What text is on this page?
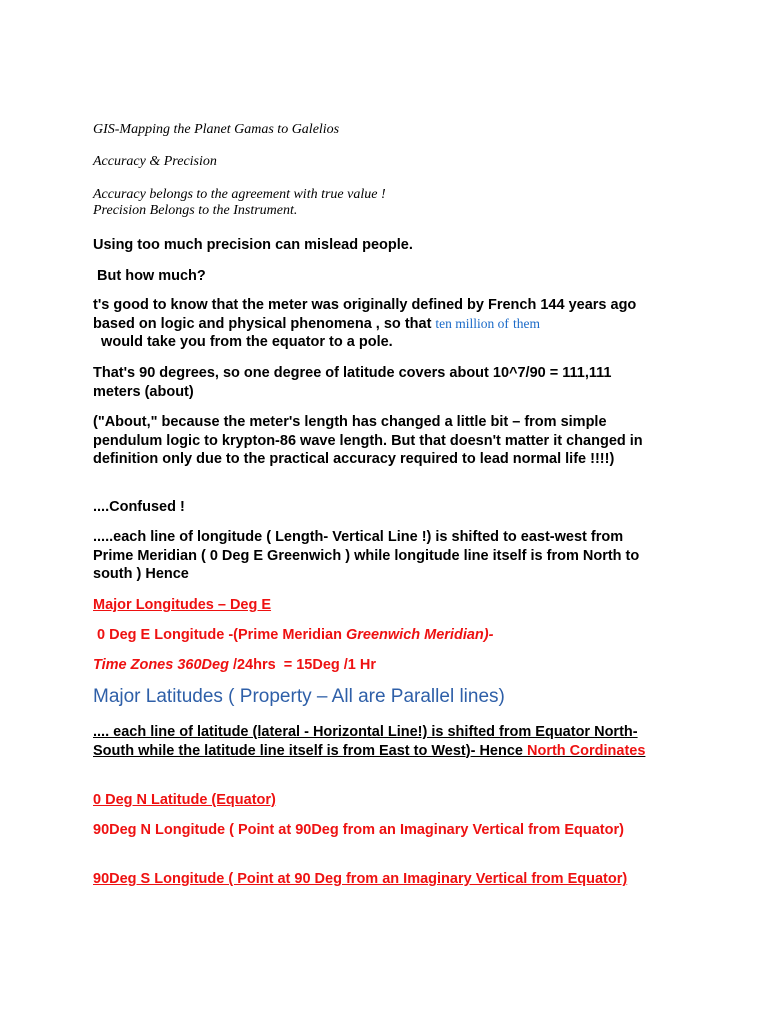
GIS-Mapping the Planet Gamas to Galelios

Accuracy & Precision

Accuracy belongs to the agreement with true value !
Precision Belongs to the Instrument.

Using too much precision can mislead people.

But how much?

t's good to know that the meter was originally defined by French 144 years ago based on logic and physical phenomena , so that ten million of them  would take you from the equator to a pole.

That's 90 degrees, so one degree of latitude covers about 10^7/90 = 111,111 meters (about)

("About," because the meter's length has changed a little bit – from simple pendulum logic to krypton-86 wave length. But that doesn't matter it changed in definition only due to the practical accuracy required to lead normal life !!!!)

....Confused !

.....each line of longitude ( Length- Vertical Line !) is shifted to east-west from Prime Meridian ( 0 Deg E Greenwich ) while longitude line itself is from North to south ) Hence

Major Longitudes – Deg E

0 Deg E Longitude -(Prime Meridian Greenwich Meridian)-

Time Zones 360Deg /24hrs  = 15Deg /1 Hr

Major Latitudes ( Property – All are Parallel lines)

.... each line of latitude (lateral - Horizontal Line!) is shifted from Equator North-South while the latitude line itself is from East to West)- Hence North Cordinates

0 Deg N Latitude (Equator)

90Deg N Longitude ( Point at 90Deg from an Imaginary Vertical from Equator)

90Deg S Longitude ( Point at 90 Deg from an Imaginary Vertical from Equator)
